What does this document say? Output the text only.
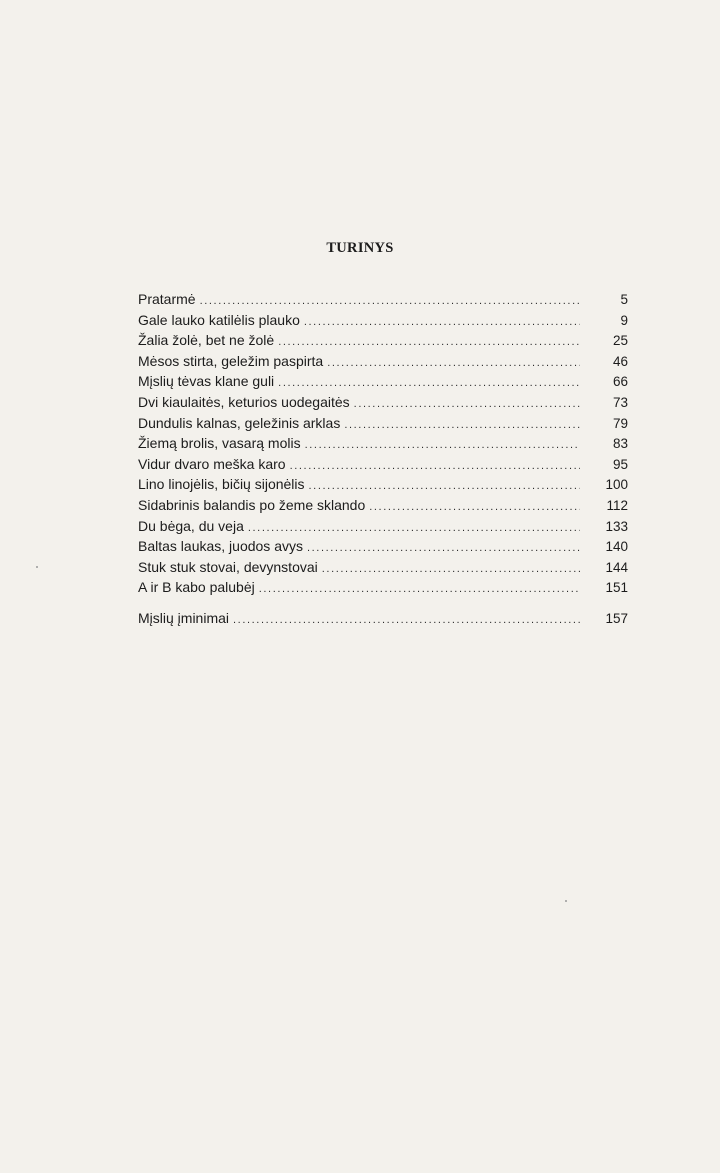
TURINYS
Pratarmė .....	5
Gale lauko katilėlis plauko .....	9
Žalia žolė, bet ne žolė .....	25
Mėsos stirta, geležim paspirta .....	46
Mįslių tėvas klane guli .....	66
Dvi kiaulaitės, keturios uodegaitės .....	73
Dundulis kalnas, geležinis arklas .....	79
Žiemą brolis, vasarą molis .....	83
Vidur dvaro meška karo .....	95
Lino linojėlis, bičių sijonėlis .....	100
Sidabrinis balandis po žeme sklando .....	112
Du bėga, du veja .....	133
Baltas laukas, juodos avys .....	140
Stuk stuk stovai, devynstovai .....	144
A ir B kabo palubėj .....	151
Mįslių įminimai .....	157
